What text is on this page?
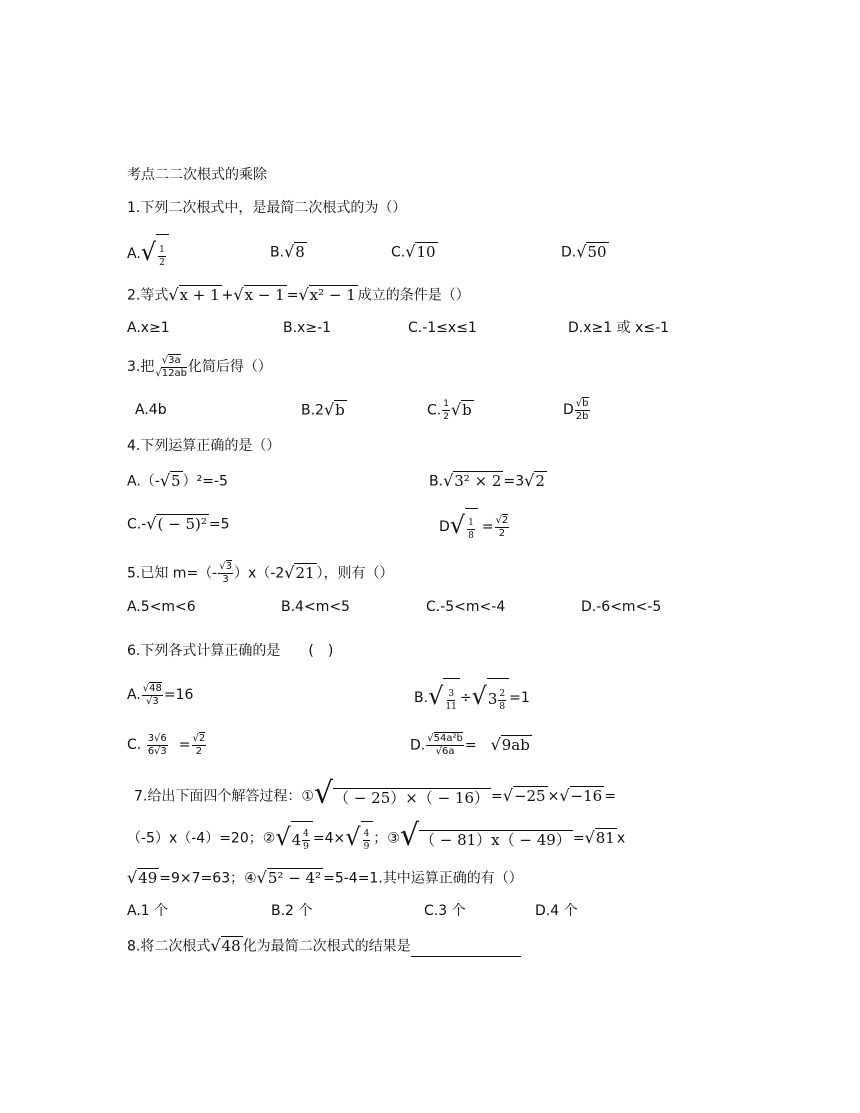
考点二二次根式的乘除
1.下列二次根式中，是最简二次根式的为（）
$A.√ \frac{1}{2}$	B.√8	C.√10	D.√50
2.等式√x + 1 +√x − 1 =√x² − 1 成立的条件是（）
A.x≥1	B.x≥-1	C.-1≤x≤1	D.x≥1 或 x≤-1
3.把 $\frac{√3a}{√12ab}$ 化简后得（）
A.4b	B.2√b	C. $\frac{1}{2} √b$	D $\frac{√b}{2b}$
4.下列运算正确的是（）
A.（-√5 ）²=-5	B.√3² × 2 =3√2
C.-√( − 5)² =5	$D√ \frac{1}{8} = \frac{√2}{2}$
5.已知 $m=(- \frac{√3}{3} )x(-2√21$ ），则有（）
A.5<m<6	B.4<m<5	C.-5<m<-4	D.-6<m<-5
6.下列各式计算正确的是　　(　)
A. $\frac{√48}{√3} =16$	$B.√ \frac{3}{11} \div√3 \frac{2}{8} =1$
C. $\frac{3√6}{6√3} = \frac{√2}{2}$	D. $\frac{\text{√54a²b}}{√6a} = √9ab$
7.给出下面四个解答过程：①√（ − 25）×（ − 16） =√−25 ×√−16 =
（-5）x（-4）=20；②√4 $\frac{4}{9} =4\times√ \frac{4}{9}$ ；③√（ − 81）x（ − 49） =√81 x
√49 =9×7=63；④√5² − 4² =5-4=1.其中运算正确的有（）
A.1 个	B.2 个	C.3 个	D.4 个
8.将二次根式√48 化为最简二次根式的结果是
